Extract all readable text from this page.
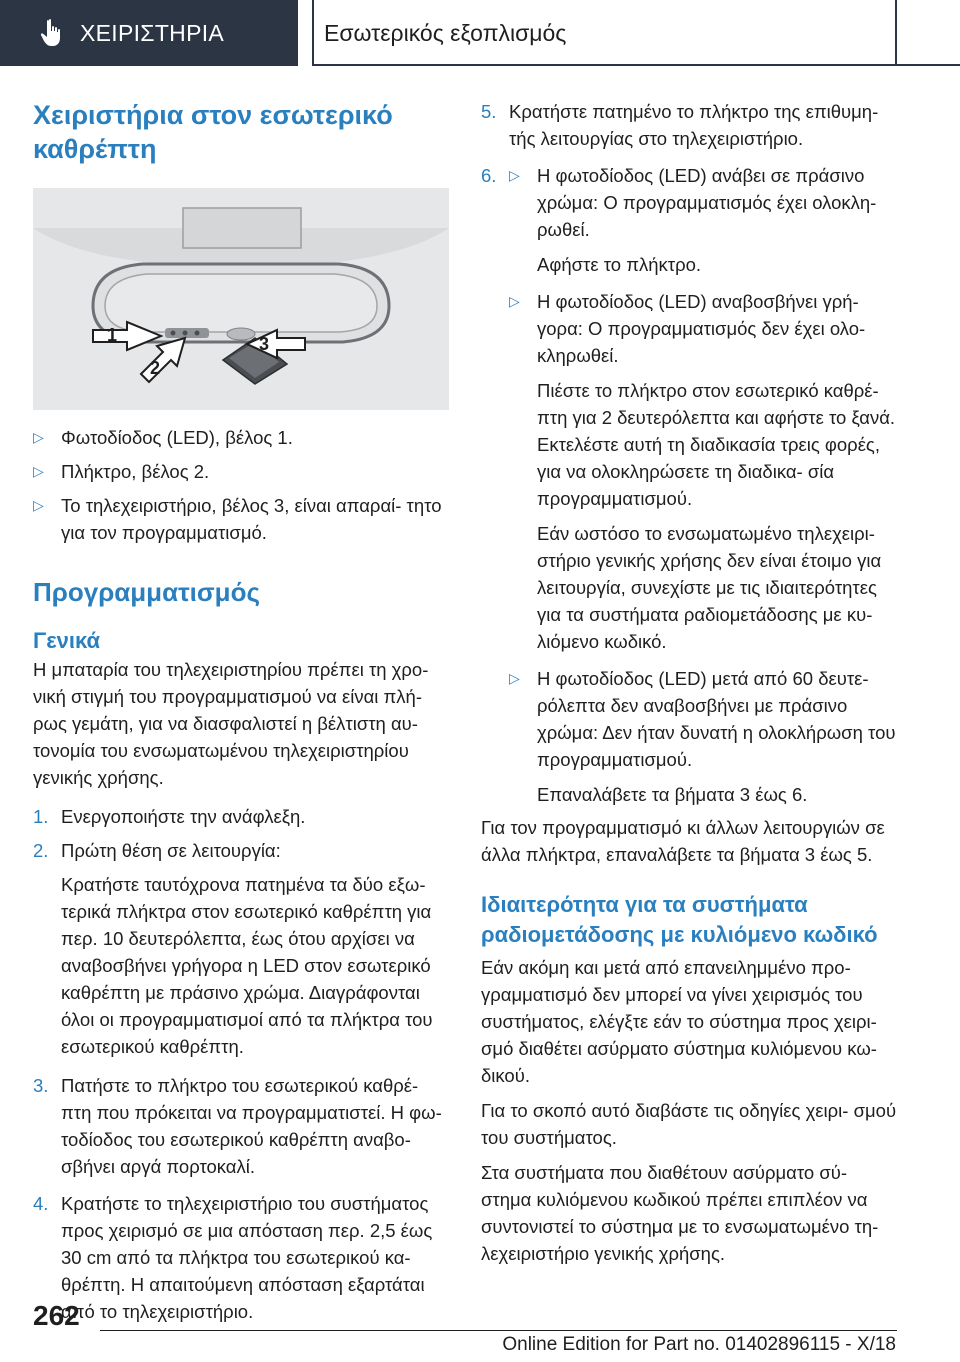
ΧΕΙΡΙΣΤΗΡΙΑ	Εσωτερικός εξοπλισμός
Χειριστήρια στον εσωτερικό καθρέπτη
1
2
3
▷ Φωτοδίοδος (LED), βέλος 1.
▷ Πλήκτρο, βέλος 2.
▷ Το τηλεχειριστήριο, βέλος 3, είναι απαραί‐ τητο για τον προγραμματισμό.
Προγραμματισμός
Γενικά

Η μπαταρία του τηλεχειριστηρίου πρέπει τη χρο‐ νική στιγμή του προγραμματισμού να είναι πλή‐ ρως γεμάτη, για να διασφαλιστεί η βέλτιστη αυ‐ τονομία του ενσωματωμένου τηλεχειριστηρίου γενικής χρήσης.

1. Ενεργοποιήστε την ανάφλεξη.
2. Πρώτη θέση σε λειτουργία:

Κρατήστε ταυτόχρονα πατημένα τα δύο εξω‐ τερικά πλήκτρα στον εσωτερικό καθρέπτη για περ. 10 δευτερόλεπτα, έως ότου αρχίσει να αναβοσβήνει γρήγορα η LED στον εσωτερικό καθρέπτη με πράσινο χρώμα. Διαγράφονται όλοι οι προγραμματισμοί από τα πλήκτρα του εσωτερικού καθρέπτη.

3. Πατήστε το πλήκτρο του εσωτερικού καθρέ‐ πτη που πρόκειται να προγραμματιστεί. Η φω‐ τοδίοδος του εσωτερικού καθρέπτη αναβο‐ σβήνει αργά πορτοκαλί.
4. Κρατήστε το τηλεχειριστήριο του συστήματος προς χειρισμό σε μια απόσταση περ. 2,5 έως 30 cm από τα πλήκτρα του εσωτερικού κα‐ θρέπτη. Η απαιτούμενη απόσταση εξαρτάται από το τηλεχειριστήριο.
5. Κρατήστε πατημένο το πλήκτρο της επιθυμη‐ τής λειτουργίας στο τηλεχειριστήριο.
6. ▷ Η φωτοδίοδος (LED) ανάβει σε πράσινο χρώμα: Ο προγραμματισμός έχει ολοκλη‐ ρωθεί.

Αφήστε το πλήκτρο.

▷ Η φωτοδίοδος (LED) αναβοσβήνει γρή‐ γορα: Ο προγραμματισμός δεν έχει ολο‐ κληρωθεί.

Πιέστε το πλήκτρο στον εσωτερικό καθρέ‐ πτη για 2 δευτερόλεπτα και αφήστε το ξανά. Εκτελέστε αυτή τη διαδικασία τρεις φορές, για να ολοκληρώσετε τη διαδικα‐ σία προγραμματισμού.

Εάν ωστόσο το ενσωματωμένο τηλεχειρι‐ στήριο γενικής χρήσης δεν είναι έτοιμο για λειτουργία, συνεχίστε με τις ιδιαιτερότητες για τα συστήματα ραδιομετάδοσης με κυ‐ λιόμενο κωδικό.

▷ Η φωτοδίοδος (LED) μετά από 60 δευτε‐ ρόλεπτα δεν αναβοσβήνει με πράσινο χρώμα: Δεν ήταν δυνατή η ολοκλήρωση του προγραμματισμού.

Επαναλάβετε τα βήματα 3 έως 6.

Για τον προγραμματισμό κι άλλων λειτουργιών σε άλλα πλήκτρα, επαναλάβετε τα βήματα 3 έως 5.

Ιδιαιτερότητα για τα συστήματα ραδιομετάδοσης με κυλιόμενο κωδικό

Εάν ακόμη και μετά από επανειλημμένο προ‐ γραμματισμό δεν μπορεί να γίνει χειρισμός του συστήματος, ελέγξτε εάν το σύστημα προς χειρι‐ σμό διαθέτει ασύρματο σύστημα κυλιόμενου κω‐ δικού.

Για το σκοπό αυτό διαβάστε τις οδηγίες χειρι‐ σμού του συστήματος.

Στα συστήματα που διαθέτουν ασύρματο σύ‐ στημα κυλιόμενου κωδικού πρέπει επιπλέον να συντονιστεί το σύστημα με το ενσωματωμένο τη‐ λεχειριστήριο γενικής χρήσης.

262
Online Edition for Part no. 01402896115 - X/18
